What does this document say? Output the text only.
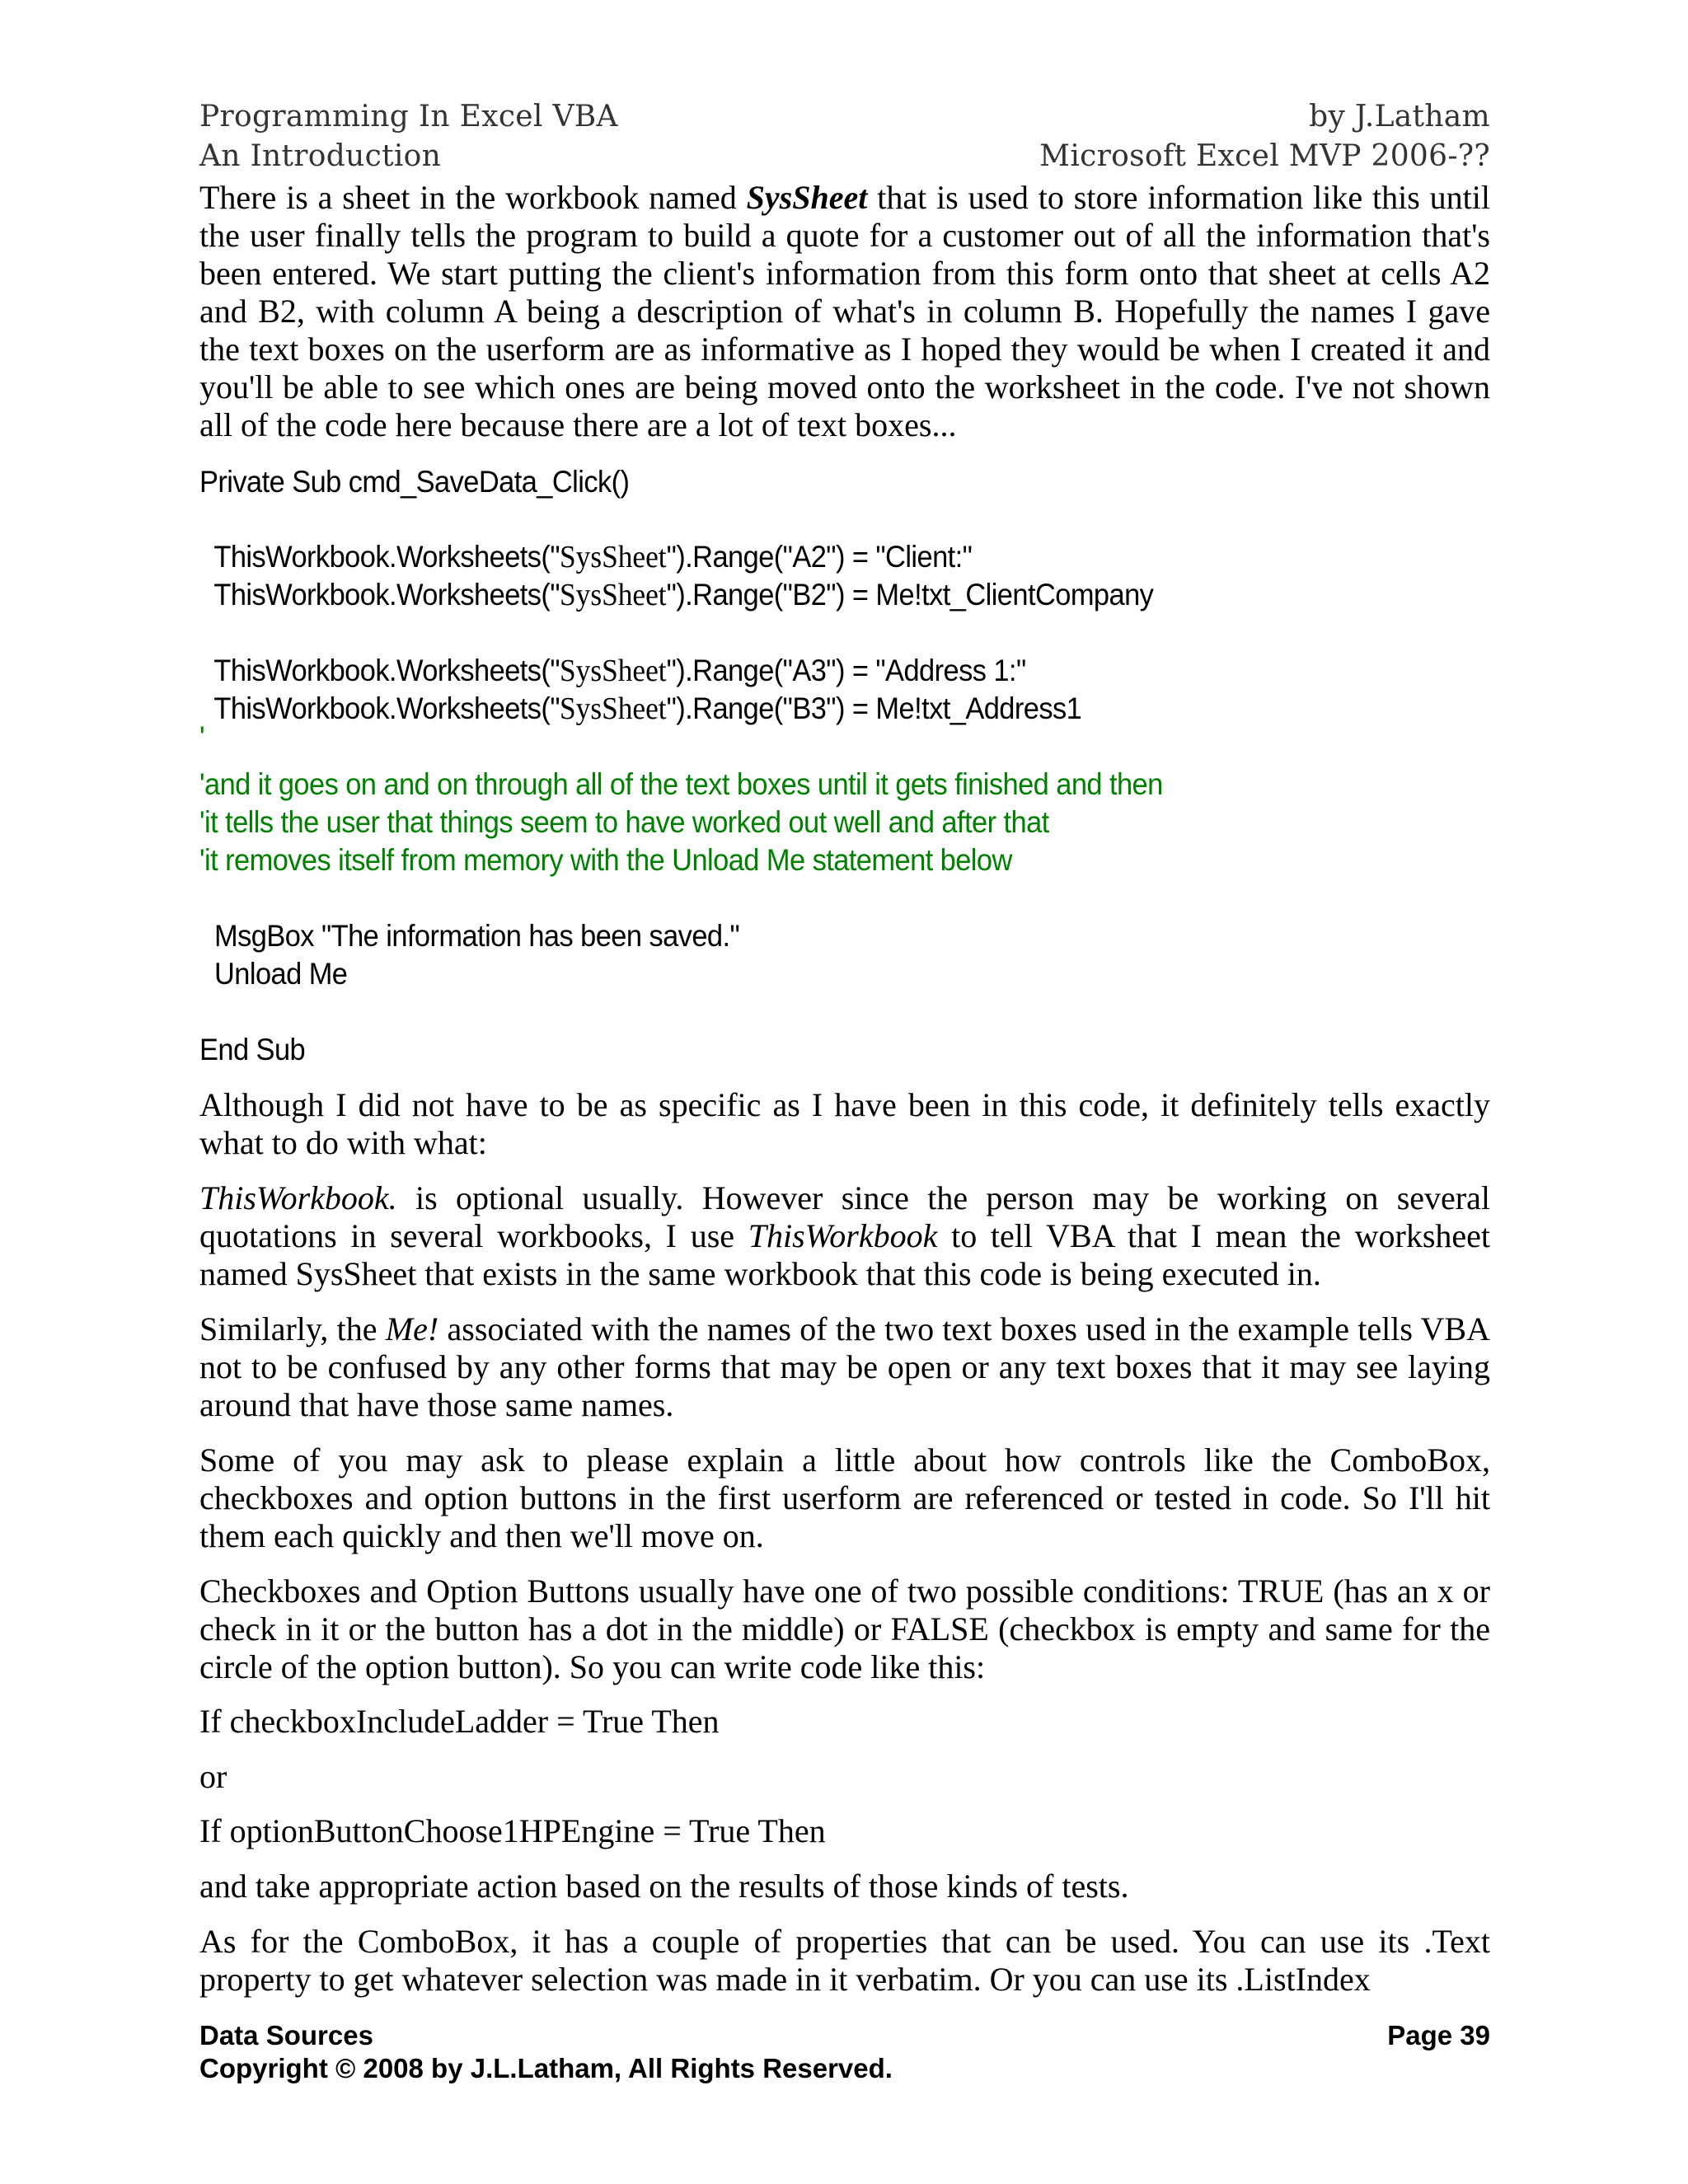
Programming In Excel VBA	by J.Latham
An Introduction	Microsoft Excel MVP 2006-??

There is a sheet in the workbook named SysSheet that is used to store information like this until the user finally tells the program to build a quote for a customer out of all the information that's been entered. We start putting the client's information from this form onto that sheet at cells A2 and B2, with column A being a description of what's in column B. Hopefully the names I gave the text boxes on the userform are as informative as I hoped they would be when I created it and you'll be able to see which ones are being moved onto the worksheet in the code. I've not shown all of the code here because there are a lot of text boxes...

Private Sub cmd_SaveData_Click()
ThisWorkbook.Worksheets("SysSheet").Range("A2") = "Client:"
ThisWorkbook.Worksheets("SysSheet").Range("B2") = Me!txt_ClientCompany
ThisWorkbook.Worksheets("SysSheet").Range("A3") = "Address 1:"
ThisWorkbook.Worksheets("SysSheet").Range("B3") = Me!txt_Address1
'
'and it goes on and on through all of the text boxes until it gets finished and then
'it tells the user that things seem to have worked out well and after that
'it removes itself from memory with the Unload Me statement below
MsgBox "The information has been saved."
Unload Me
End Sub

Although I did not have to be as specific as I have been in this code, it definitely tells exactly what to do with what:

ThisWorkbook. is optional usually. However since the person may be working on several quotations in several workbooks, I use ThisWorkbook to tell VBA that I mean the worksheet named SysSheet that exists in the same workbook that this code is being executed in.

Similarly, the Me! associated with the names of the two text boxes used in the example tells VBA not to be confused by any other forms that may be open or any text boxes that it may see laying around that have those same names.

Some of you may ask to please explain a little about how controls like the ComboBox, checkboxes and option buttons in the first userform are referenced or tested in code. So I'll hit them each quickly and then we'll move on.

Checkboxes and Option Buttons usually have one of two possible conditions: TRUE (has an x or check in it or the button has a dot in the middle) or FALSE (checkbox is empty and same for the circle of the option button). So you can write code like this:

If checkboxIncludeLadder = True Then

or

If optionButtonChoose1HPEngine = True Then

and take appropriate action based on the results of those kinds of tests.

As for the ComboBox, it has a couple of properties that can be used. You can use its .Text property to get whatever selection was made in it verbatim. Or you can use its .ListIndex

Data Sources	Page 39
Copyright © 2008 by J.L.Latham, All Rights Reserved.
